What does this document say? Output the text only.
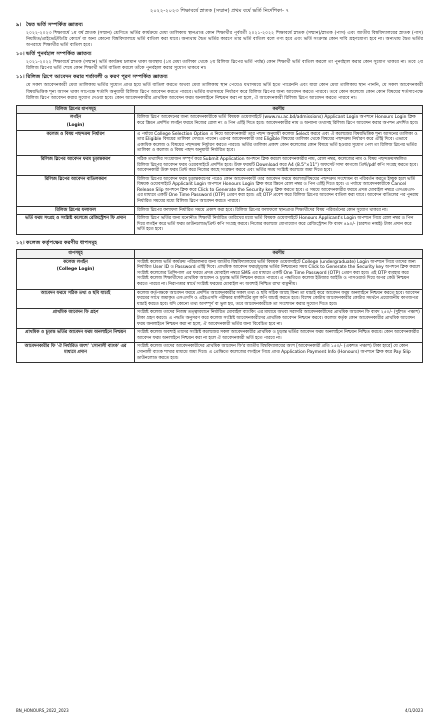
২০২২-২০২৩ শিক্ষাবর্ষে স্নাতক (সম্মান) প্রথম বর্ষে ভর্তি নির্দেশিকা- ৭
৯। দ্বৈত ভর্তি সম্পর্কিত জ্ঞাতব্য

২০২২-২০২৩ শিক্ষাবর্ষে ১ম বর্ষ স্নাতক (সম্মান) শ্রেণিতে ভর্তির কার্যক্রমে মেধা তালিকায় স্থানপ্রাপ্ত কোন শিক্ষার্থীর পূর্ববর্তী ২০২১-২০২২ শিক্ষাবর্ষে স্নাতক (সম্মান)/স্নাতক (পাস) এবং জাতীয় বিশ্ববিদ্যালয়ের স্নাতক (পাস) নিয়মিত/প্রাইভেট/ডিগ্রি কোর্সে বা অন্য কোনো বিশ্ববিদ্যালয়ে ভর্তি বাতিল করা যাবে। অন্যথায় দ্বৈত ভর্তির কারণে তার ভর্তি বাতিল বলে গণ্য হবে এবং ভর্তি সংক্রান্ত কোন দাবি গ্রহণযোগ্য হবে না। অন্যথায় দ্বৈত ভর্তির অপরাধে শিক্ষার্থীর ভর্তি বাতিল হবে।

১০।ভর্তি পুনর্বহাল সম্পর্কিত জ্ঞাতব্য

২০২১-২০২২ শিক্ষাবর্ষে স্নাতক (সম্মান) ভর্তি কার্যক্রম চলমান থাকা অবস্থায় (১ম মেধা তালিকা থেকে ২য় রিলিজ স্লিপের ভর্তি পর্যন্ত) কোন শিক্ষার্থী ভর্তি বাতিল করলে তা পুনর্বহাল করার কোন সুযোগ থাকবে না। তবে ২য় রিলিজ স্লিপের ভর্তি শেষে কোন শিক্ষার্থী ভর্তি বাতিল করলে তাঁকে পুনর্বহাল করার সুযোগ থাকবে না।

১১।রিলিজ স্লিপে আবেদন করার শর্তাবলী ও করণ পূরণ সম্পর্কিত জ্ঞাতব্য

যে সকল আবেদনকারী মেধা তালিকায় ভর্তির সুযোগ প্রাপ্ত হয়ে ভর্তি বাতিল করতে অথবা মেধা তালিকায় স্থান পেয়েও যথাসময়ে ভর্তি হতে পারেননি এবং যারা কোন মেধা তালিকায় স্থান পাননি, যে সকল আবেদনকারী বিষয়ভিত্তিক শূন্য আসন থাকা সাপেক্ষে শর্তাদি অনুযায়ী রিলিজ স্লিপে আবেদন করতে পারবে। ভর্তির যথাসময়ে নির্ধারণ করে রিলিজ স্লিপের জন্য আবেদন করতে পারবে। তবে কোন কলেজে কোন কোন বিষয়ের শর্তসাপেক্ষে রিলিজ স্লিপে আবেদন করার সুযোগ দেওয়া হবে। কোন আবেদনকারীর প্রাথমিক আবেদন ফরম অনলাইনে নিশ্চয়ন করা না হলে, ঐ আবেদনকারী রিলিজ স্লিপে আবেদন করতে পারবে না।

রিলিজ স্লিপের ধাপসমূহ	করণীয়
লগইন
(Login)	রিলিজ স্লিপে আবেদনের জন্য আবেদনকারীকে ভর্তি বিষয়ক ওয়েবসাইটে (www.nu.ac.bd/admissions) Applicant Login অপশনে Honours Login ক্লিক করে স্ক্রিনে প্রদর্শিত লগইন ফরমে নিজের রোল নং ও পিন এন্ট্রি দিতে হবে। আবেদনকারীর নাম ও অন্যান্য তথ্যসহ রিলিজ স্লিপে আবেদন করার অপশন প্রদর্শিত হবে।
কলেজ ও বিষয় পছন্দক্রম নির্ধারণ	এ পর্যায়ে College Selection Option এ নিয়ে আবেদনকারী তার পছন্দ অনুযায়ী কলেজ Select করবে এবং ঐ কলেজের বিষয়ভিত্তিক শূন্য আসনের তালিকা ও তার Eligible বিষয়ের তালিকা দেখতে পাবেন। এরপর আবেদনকারী তার Eligible বিষয়ের তালিকা থেকে বিষয়ের পছন্দক্রম নির্ধারণ করে এন্ট্রি দিবে। এভাবে একাধিক কলেজ ও বিষয়ের পছন্দক্রম নির্ধারণ করতে পারবে। ভর্তির তালিকা প্রকাশ কোন কলেজের কোন বিষয়ে ভর্তি হওয়ার সুযোগ পেল তা রিলিজ স্লিপের ভর্তির তালিকা ও কলেজ ও বিষয় পছন্দ অনুযায়ী নির্ধারিত হবে।
রিলিজ স্লিপের আবেদন ফরম চূড়ান্তকরণ	সঠিক তথ্যাদির সংযোজন সম্পূর্ণ করে Submit Application অপশনে ক্লিক করলে আবেদনকারীর নাম, রোল নম্বর, কলেজের নাম ও বিষয় পছন্দক্রমসম্বলিত রিলিজ স্লিপের আবেদন ফরম ওয়েবসাইটে প্রদর্শিত হবে। উক্ত ফরমটি Download করে A4 (8.5"×11") অফসেট সাদা কাগজে প্রিন্ট/pdf কপি সংগ্রহ করতে হবে। আবেদনকারী উক্ত ফরম প্রিন্ট করে নিজের কাছে সংরক্ষণ করবে এবং ভর্তির সময় সংশ্লিষ্ট কলেজে জমা দিতে হবে।
রিলিজ স্লিপের আবেদন বাতিলকরণ	রিলিজ স্লিপের আবেদন ফরম চূড়ান্তকরণের পরেও কোন আবেদনকারী তার আবেদন ফরমে কলেজ/বিষয়ের পছন্দক্রম সংশোধন বা পরিবর্তন করতে ইচ্ছুক হলে ভর্তি বিষয়ক ওয়েবসাইটে Applicant Login অপশনে Honours Login ক্লিক করে স্ক্রিনে রোল নম্বর ও পিন এন্ট্রি দিতে হবে। এ পর্যায়ে আবেদনকারীকে Cancel Release Slip অপশনে ক্লিক করে Click to Generate the Security key ক্লিক করতে হবে। এ সময়ে আবেদনকারীর ফরমে প্রদত্ত মোবাইল নম্বরে এসএমএস-এর মাধ্যমে একটি One Time Password (OTP) প্রেরণ করা হবে। এই OTP প্রবেশ করে রিলিজ স্লিপের আবেদন বাতিল করা যাবে। আবেদন বাতিলের পর পুনরায় নির্ধারিত সময়ের মধ্যে রিলিজ স্লিপে আবেদন করতে পারবে।
রিলিজ স্লিপের ফলাফল	রিলিজ স্লিপের ফলাফল নির্ধারিত সময়ে প্রকাশ করা হবে। রিলিজ স্লিপের ফলাফলে স্থানপ্রাপ্ত শিক্ষার্থীদের বিষয় পরিবর্তনের কোন সুযোগ থাকবে না।
ভর্তি ফরম সংগ্রহ ও সংশ্লিষ্ট কলেজে রেজিস্ট্রেশন ফি প্রদান	রিলিজ স্লিপে ভর্তির জন্য মনোনীত শিক্ষার্থী নির্ধারিত তারিখের মধ্যে ভর্তি বিষয়ক ওয়েবসাইটে Honours Applicant's Login অপশনে গিয়ে রোল নম্বর ও পিন দিয়ে লগইন করে ভর্তি ফরম ডাউনলোড/প্রিন্ট কপি সংগ্রহ করবে। নিজের কলেজে যোগাযোগ করে রেজিস্ট্রেশন ফি বাবদ ৪৯০/- (চারশত নব্বই) টাকা প্রদান করে ভর্তি হতে হবে।
১২।কলেজ কর্তৃপক্ষের করণীয় ধাপসমূহ
ধাপসমূহ	করণীয়
কলেজ লগইন
(College Login)	সংশ্লিষ্ট কলেজ ভর্তি কার্যক্রম পরিচালনার জন্য জাতীয় বিশ্ববিদ্যালয়ের ভর্তি বিষয়ক ওয়েবসাইটে College (undergraduate) Login অপশনে গিয়ে তাদের জন্য নির্ধারিত User ID ও Password এন্ট্রি দিবে। প্রাথমিক আবেদন ফরম/চূড়ান্ত ভর্তির নিশ্চয়নের সময় Click to Generate the Security key অপশনে ক্লিক করলে সংশ্লিষ্ট কলেজের প্রিন্সিপাল এর ফরমে প্রদত্ত মোবাইল নম্বরে SMS এর মাধ্যমে একটি One Time Password (OTP) প্রেরণ করা হবে। এই OTP ব্যবহার করে সংশ্লিষ্ট কলেজ শিক্ষার্থীদের প্রাথমিক আবেদন ও চূড়ান্ত ভর্তি নিশ্চয়ন করতে পারবে। এ পদ্ধতিতে কলেজ ইউজার আইডি ও পাসওয়ার্ড দিয়ে অপর কেউ নিশ্চয়ন করতে পারবে না। নিরাপত্তার স্বার্থে সংশ্লিষ্ট ফরমের মোবাইল নং অবশ্যই নিশ্চিত রাখা বাঞ্ছনীয়।
আবেদন ফরমে সঠিক তথ্য ও ছবি যাচাই	কলেজ কর্তৃপক্ষকে আবেদন ফরমে প্রদর্শিত আবেদনকারীর সকল তথ্য ও ছবি সঠিক আছে কিনা তা যাচাই করে আবেদন ফরম অনলাইনে নিশ্চয়ন করতে হবে। আবেদন ফরমের সাথে জমাকৃত এসএসসি ও এইচএসসি পরীক্ষার মার্কশিটের মূল কপি যাচাই করতে হবে। বিশেষ কোটায় আবেদনকারীর কোটার সমর্থনে প্রয়োজনীয় কাগজপত্র যাচাই করতে হবে। যদি কোনো তথ্য অসম্পূর্ণ বা ভুল হয়, তবে আবেদনকারীকে তা সংশোধন করার সুযোগ দিতে হবে।
প্রাথমিক আবেদন ফি গ্রহণ	সংশ্লিষ্ট কলেজ তাদের নিজস্ব তত্ত্বাবধানে নির্ধারিত মোবাইল ব্যাংকিং এর মাধ্যমে অথবা সরাসরি আবেদনকারীদের প্রাথমিক আবেদন ফি বাবদ ২৫০/- (দুইশত পঞ্চাশ) টাকা গ্রহণ করবে। এ পদ্ধতি অনুসরণ করে কলেজ সংশ্লিষ্ট আবেদনকারীদের প্রাথমিক আবেদন নিশ্চয়ন করবে। কলেজ কর্তৃক কোন আবেদনকারীর প্রাথমিক আবেদন ফরম অনলাইনে নিশ্চয়ন করা না হলে, ঐ আবেদনকারী ভর্তির জন্য বিবেচিত হবে না।
প্রাথমিক ও চূড়ান্ত ভর্তির আবেদন ফরম অনলাইনে নিশ্চয়ন	সংশ্লিষ্ট কলেজ অবশ্যই তাদের সংশ্লিষ্ট কলেজের সকল আবেদনকারীর প্রাথমিক ও চূড়ান্ত ভর্তির আবেদন ফরম অনলাইনে নিশ্চয়ন নিশ্চিত করবে। কোন আবেদনকারীর আবেদন ফরম অনলাইনে নিশ্চয়ন করা না হলে ঐ আবেদনকারী ভর্তি হতে পারবে না।
আবেদনকারীর ফি 'ঐ নির্ধারিত অংশ' 'সোনালী ব্যাংক' এর মাধ্যমে প্রদান	সংশ্লিষ্ট কলেজ তাদের আবেদনকারীদের প্রাথমিক আবেদন ফি'র জাতীয় বিশ্ববিদ্যালয়ের অংশ [আবেদনকারী প্রতি ১৫০/- (একশত পঞ্চাশ) টাকা হারে] যে কোন সোনালী ব্যাংক শাখার মাধ্যমে জমা দিবে। এ প্রেক্ষিতে কলেজের লগইনে গিয়ে প্রাপ্ত Application Payment Info (Honours) অপশনে ক্লিক করে Pay Slip ডাউনলোড করতে হবে।
BN_HONOURS_2022_2023	4/1/2023
